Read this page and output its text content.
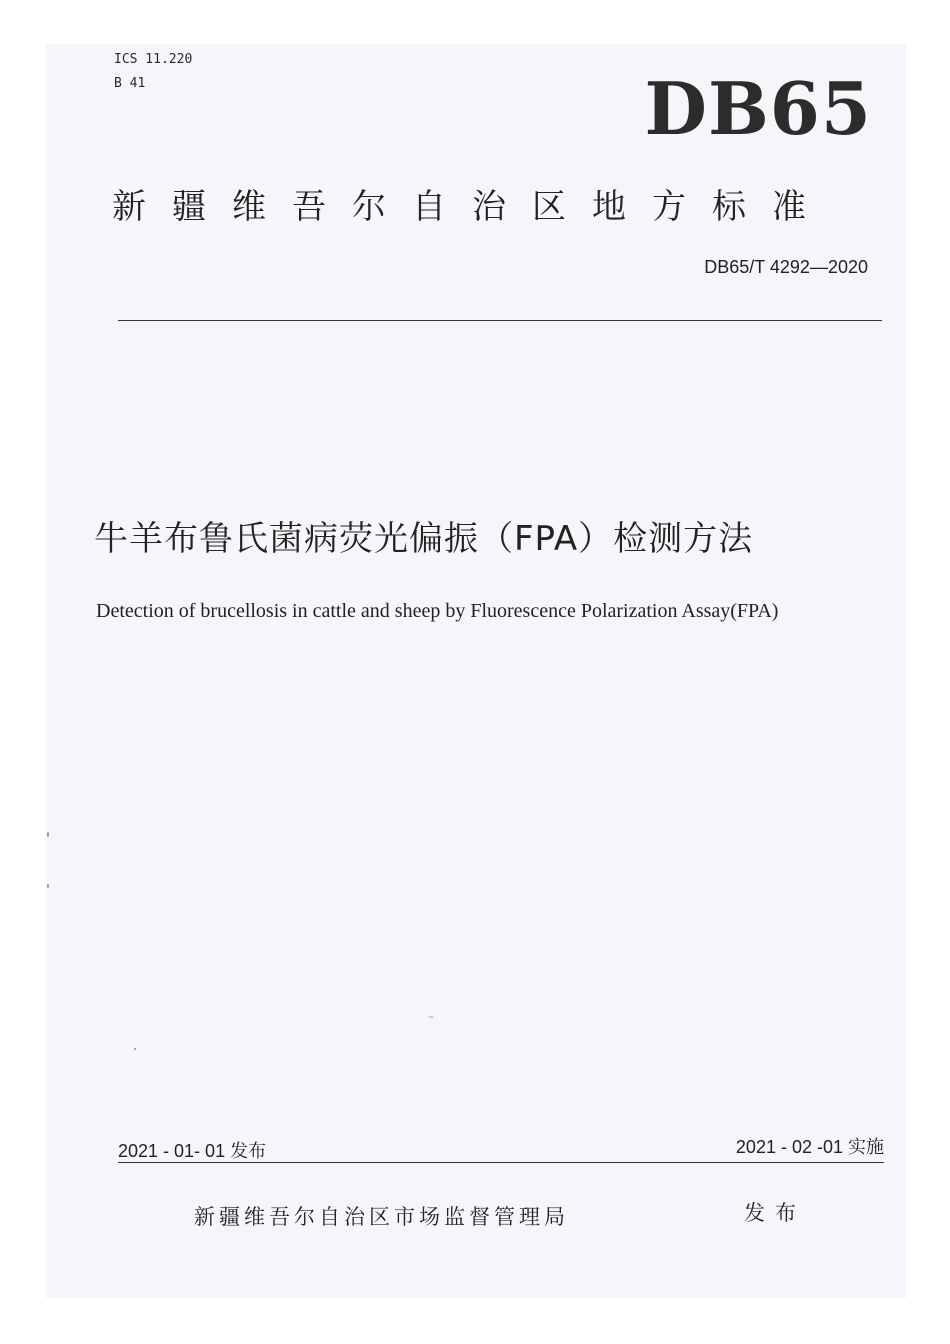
ICS 11.220
B 41	DB65
新疆维吾尔自治区地方标准
DB65/T 4292—2020
牛羊布鲁氏菌病荧光偏振（FPA）检测方法
Detection of brucellosis in cattle and sheep by Fluorescence Polarization Assay(FPA)
2021 - 01- 01 发布	2021 - 02 -01 实施
新疆维吾尔自治区市场监督管理局	发布
